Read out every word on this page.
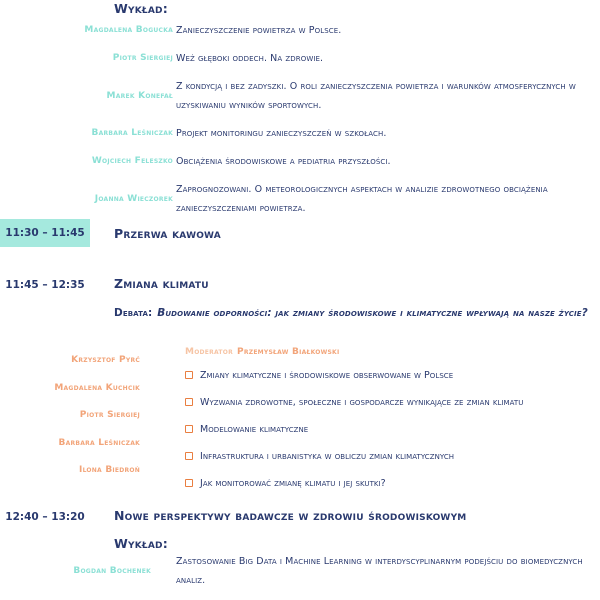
Wykład:
Magdalena Bogucka Zanieczyszczenie powietrza w Polsce.
Piotr Siergiej Weź głęboki oddech. Na zdrowie.
Marek Konefał
Z kondycją i bez zadyszki. O roli zanieczyszczenia powietrza i warunków atmosferycznych w uzyskiwaniu wyników sportowych.
Barbara Leśniczak Projekt monitoringu zanieczyszczeń w szkołach.
Wojciech Feleszko Obciążenia środowiskowe a pediatria przyszłości.
Joanna Wieczorek
Zaprognozowani. O meteorologicznych aspektach w analizie zdrowotnego obciążenia zanieczyszczeniami powietrza.
11:30 – 11:45 Przerwa kawowa
11:45 – 12:35	Zmiana klimatu
Debata: Budowanie odporności: jak zmiany środowiskowe i klimatyczne wpływają na nasze życie?
Moderator Przemysław Białkowski
Krzysztof Pyrć
Magdalena Kuchcik
Piotr Siergiej
Barbara Leśniczak
Ilona Biedroń
Zmiany klimatyczne i środowiskowe obserwowane w Polsce
Wyzwania zdrowotne, społeczne i gospodarcze wynikające ze zmian klimatu
Modelowanie klimatyczne
Infrastruktura i urbanistyka w obliczu zmian klimatycznych
Jak monitorować zmianę klimatu i jej skutki?
12:40 – 13:20	Nowe perspektywy badawcze w zdrowiu środowiskowym
Wykład:
Bogdan Bochenek
Zastosowanie Big Data i Machine Learning w interdyscyplinarnym podejściu do biomedycznych analiz.
